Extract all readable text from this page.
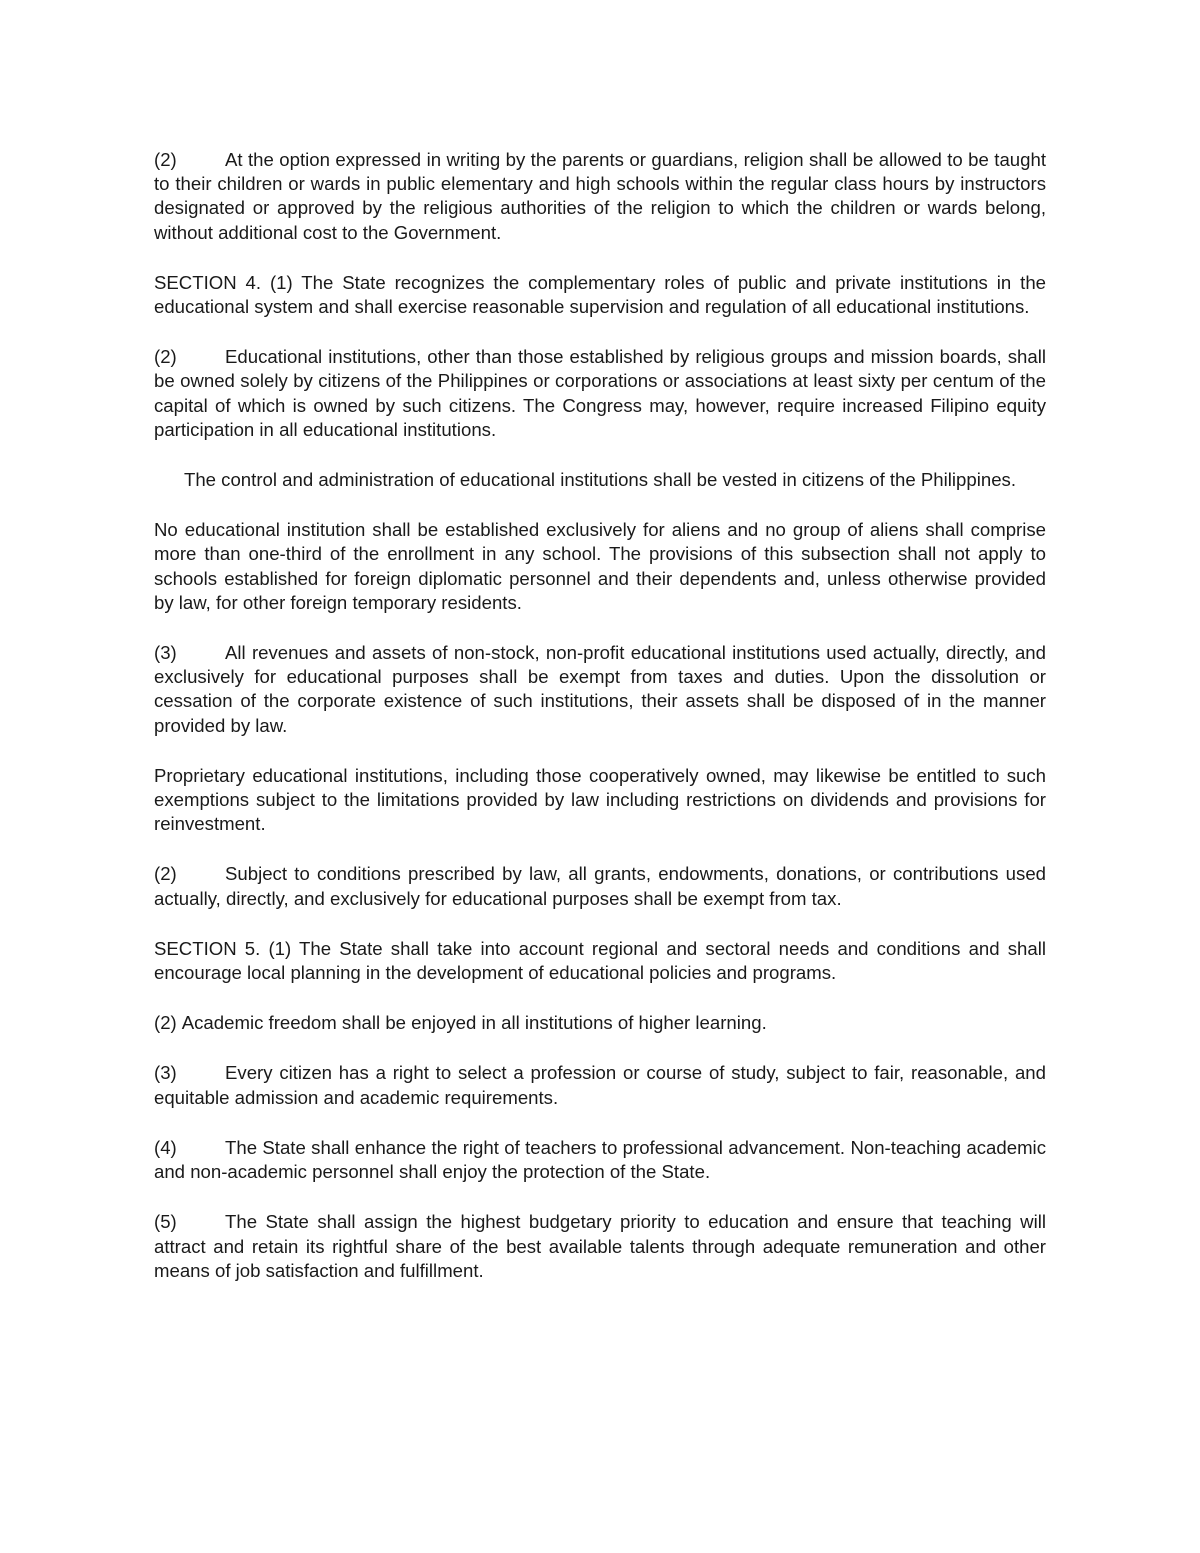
(2)	At the option expressed in writing by the parents or guardians, religion shall be allowed to be taught to their children or wards in public elementary and high schools within the regular class hours by instructors designated or approved by the religious authorities of the religion to which the children or wards belong, without additional cost to the Government.

SECTION 4. (1) The State recognizes the complementary roles of public and private institutions in the educational system and shall exercise reasonable supervision and regulation of all educational institutions.

(2)	Educational institutions, other than those established by religious groups and mission boards, shall be owned solely by citizens of the Philippines or corporations or associations at least sixty per centum of the capital of which is owned by such citizens. The Congress may, however, require increased Filipino equity participation in all educational institutions.

The control and administration of educational institutions shall be vested in citizens of the Philippines.

No educational institution shall be established exclusively for aliens and no group of aliens shall comprise more than one-third of the enrollment in any school. The provisions of this subsection shall not apply to schools established for foreign diplomatic personnel and their dependents and, unless otherwise provided by law, for other foreign temporary residents.

(3)	All revenues and assets of non-stock, non-profit educational institutions used actually, directly, and exclusively for educational purposes shall be exempt from taxes and duties. Upon the dissolution or cessation of the corporate existence of such institutions, their assets shall be disposed of in the manner provided by law.

Proprietary educational institutions, including those cooperatively owned, may likewise be entitled to such exemptions subject to the limitations provided by law including restrictions on dividends and provisions for reinvestment.

(2)	Subject to conditions prescribed by law, all grants, endowments, donations, or contributions used actually, directly, and exclusively for educational purposes shall be exempt from tax.

SECTION 5. (1) The State shall take into account regional and sectoral needs and conditions and shall encourage local planning in the development of educational policies and programs.

(2) Academic freedom shall be enjoyed in all institutions of higher learning.

(3)	Every citizen has a right to select a profession or course of study, subject to fair, reasonable, and equitable admission and academic requirements.

(4)	The State shall enhance the right of teachers to professional advancement. Non-teaching academic and non-academic personnel shall enjoy the protection of the State.

(5)	The State shall assign the highest budgetary priority to education and ensure that teaching will attract and retain its rightful share of the best available talents through adequate remuneration and other means of job satisfaction and fulfillment.
